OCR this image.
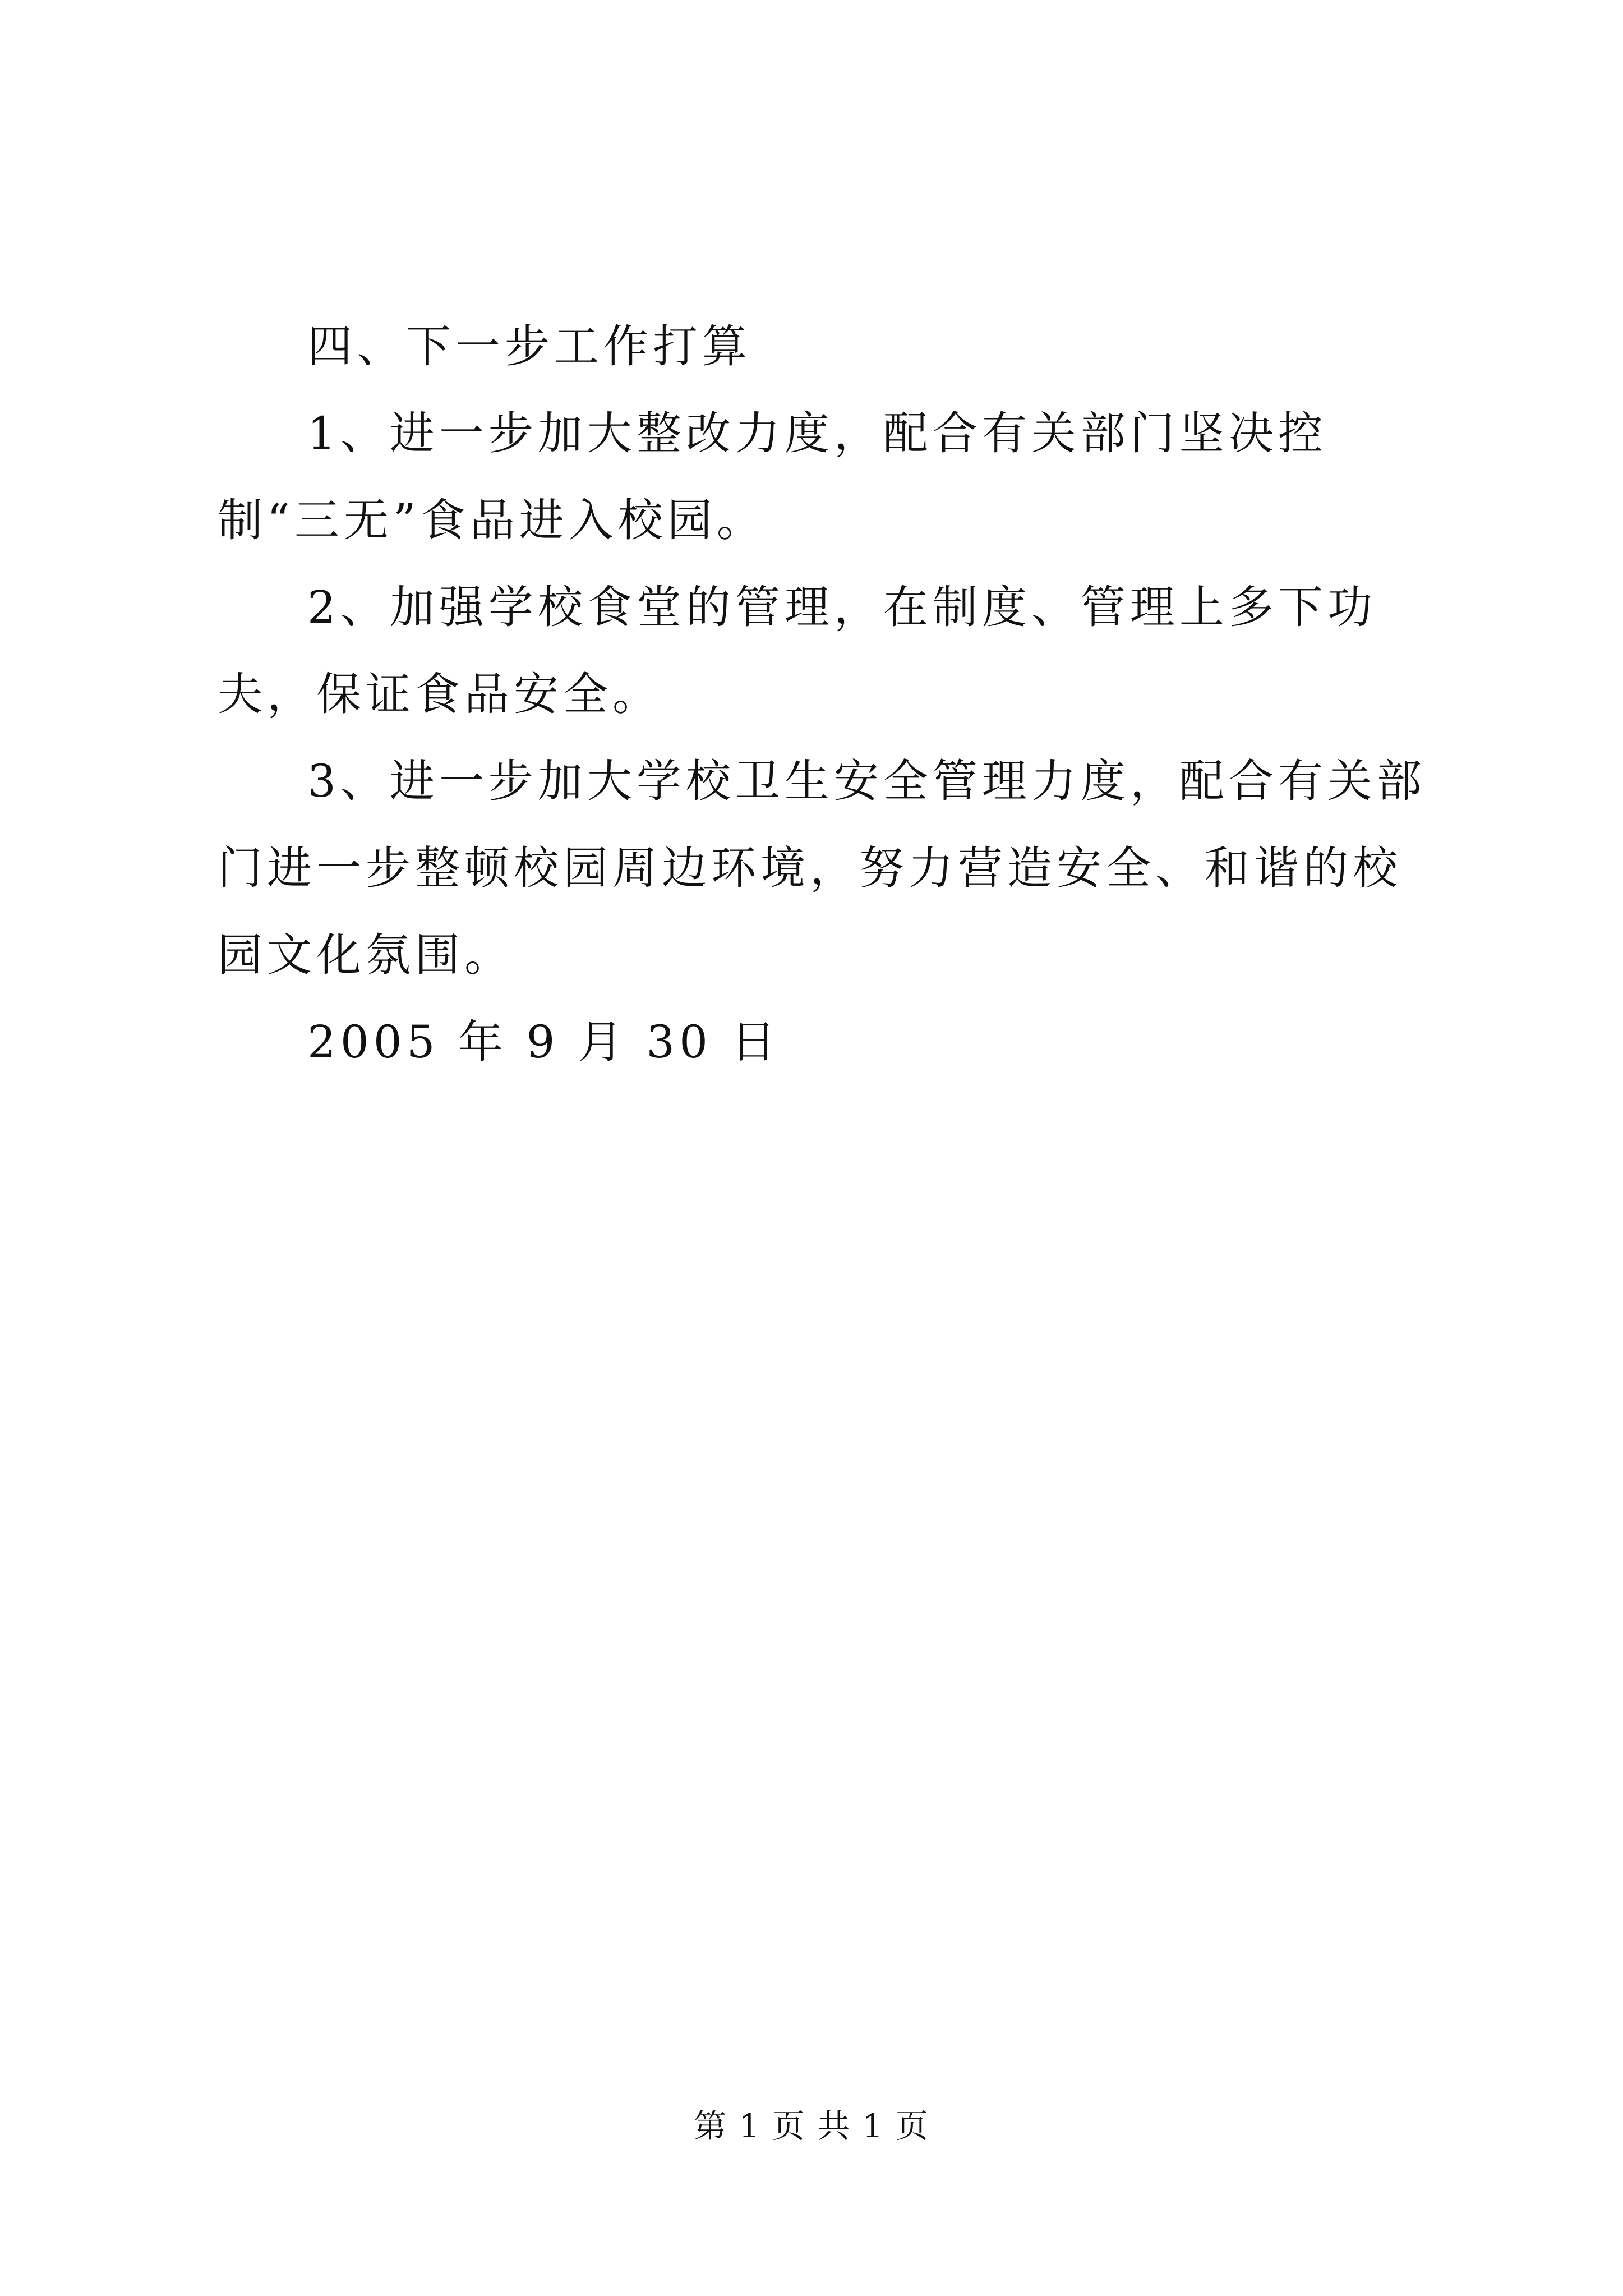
四、下一步工作打算

1、进一步加大整改力度，配合有关部门坚决控制“三无”食品进入校园。

2、加强学校食堂的管理，在制度、管理上多下功夫，保证食品安全。

3、进一步加大学校卫生安全管理力度，配合有关部门进一步整顿校园周边环境，努力营造安全、和谐的校园文化氛围。

2005 年 9 月 30 日

第 1 页 共 1 页
